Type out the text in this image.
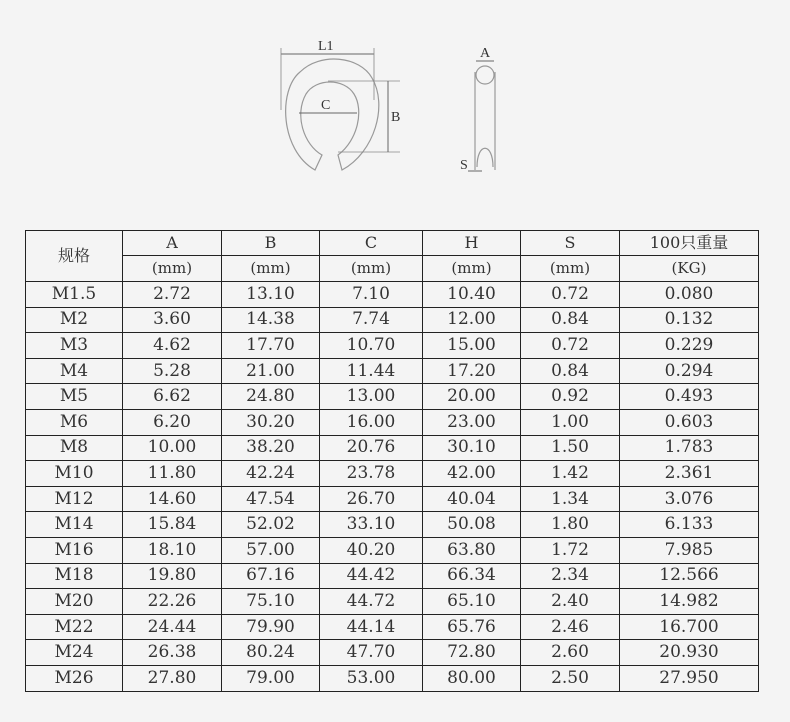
L1
C
B
A
S
规格	A	B	C	H	S	100只重量
	(mm)	(mm)	(mm)	(mm)	(mm)	(KG)
M1.5	2.72	13.10	7.10	10.40	0.72	0.080
M2	3.60	14.38	7.74	12.00	0.84	0.132
M3	4.62	17.70	10.70	15.00	0.72	0.229
M4	5.28	21.00	11.44	17.20	0.84	0.294
M5	6.62	24.80	13.00	20.00	0.92	0.493
M6	6.20	30.20	16.00	23.00	1.00	0.603
M8	10.00	38.20	20.76	30.10	1.50	1.783
M10	11.80	42.24	23.78	42.00	1.42	2.361
M12	14.60	47.54	26.70	40.04	1.34	3.076
M14	15.84	52.02	33.10	50.08	1.80	6.133
M16	18.10	57.00	40.20	63.80	1.72	7.985
M18	19.80	67.16	44.42	66.34	2.34	12.566
M20	22.26	75.10	44.72	65.10	2.40	14.982
M22	24.44	79.90	44.14	65.76	2.46	16.700
M24	26.38	80.24	47.70	72.80	2.60	20.930
M26	27.80	79.00	53.00	80.00	2.50	27.950
